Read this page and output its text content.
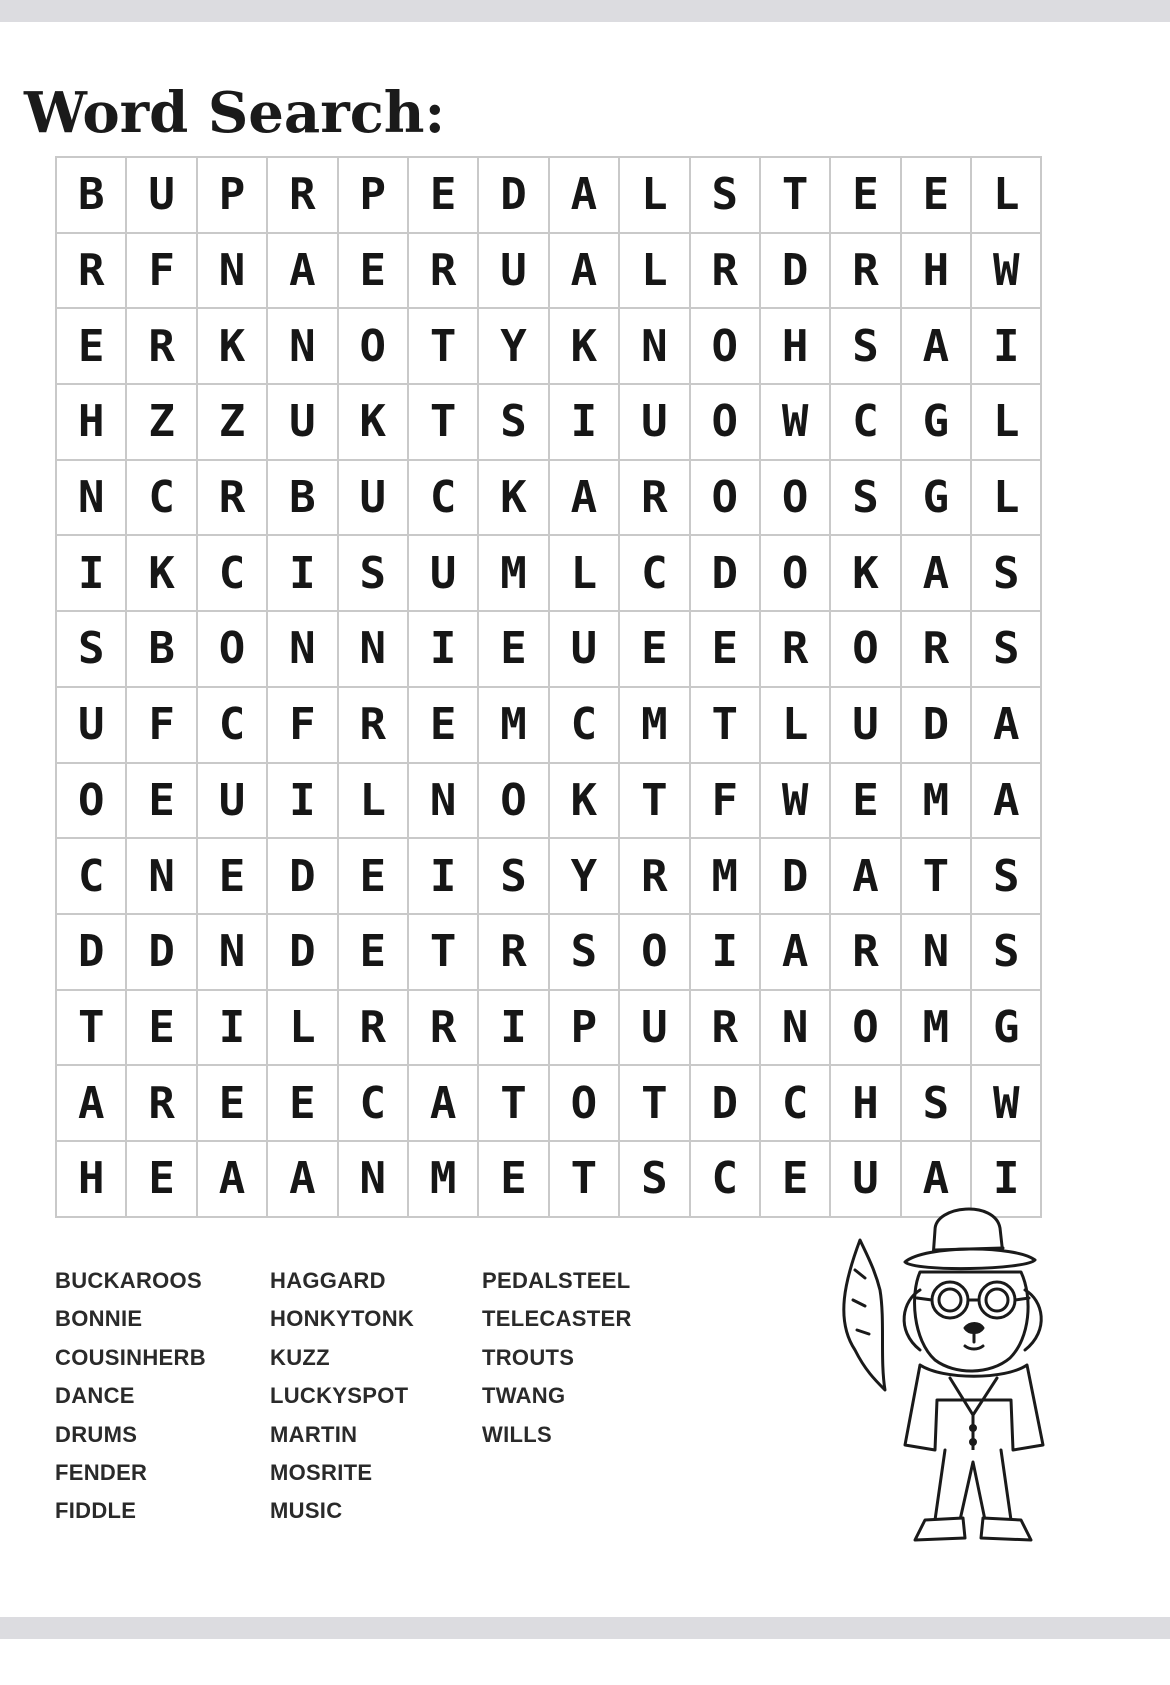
Word Search:
B U P R P E D A L S T E E L
R F N A E R U A L R D R H W
E R K N O T Y K N O H S A I
H Z Z U K T S I U O W C G L
N C R B U C K A R O O S G L
I K C I S U M L C D O K A S
S B O N N I E U E E R O R S
U F C F R E M C M T L U D A
O E U I L N O K T F W E M A
C N E D E I S Y R M D A T S
D D N D E T R S O I A R N S
T E I L R R I P U R N O M G
A R E E C A T O T D C H S W
H E A A N M E T S C E U A I
BUCKAROOS
BONNIE
COUSINHERB
DANCE
DRUMS
FENDER
FIDDLE
HAGGARD
HONKYTONK
KUZZ
LUCKYSPOT
MARTIN
MOSRITE
MUSIC
PEDALSTEEL
TELECASTER
TROUTS
TWANG
WILLS
